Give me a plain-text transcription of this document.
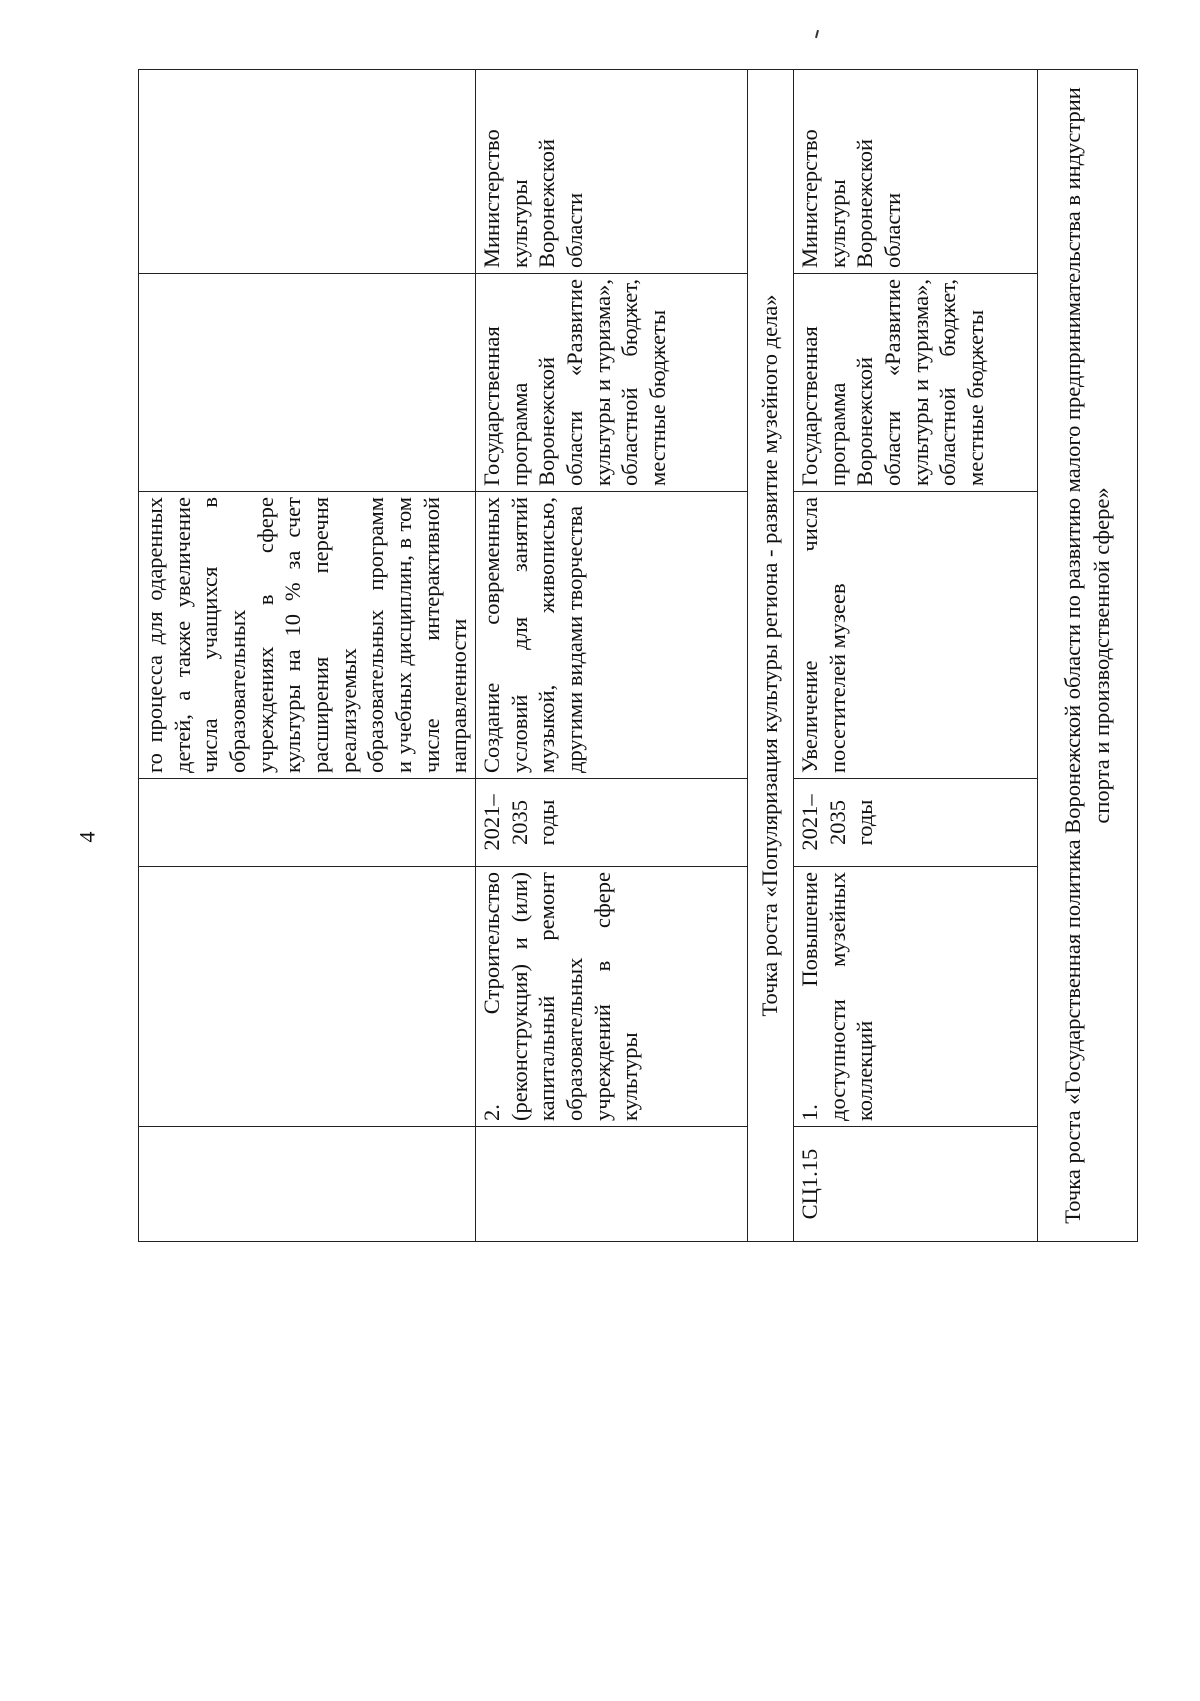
4
			го процесса для одаренных детей, а также увеличение числа учащихся в образовательных учреждениях в сфере культуры на 10 % за счет расширения перечня реализуемых образовательных программ и учебных дисциплин, в том числе интерактивной направленности		
	2. Строительство (реконструкция) и (или) капитальный ремонт образовательных учреждений в сфере культуры	2021–2035 годы	Создание современных условий для занятий музыкой, живописью, другими видами творчества	Государственная программа Воронежской области «Развитие культуры и туризма», областной бюджет, местные бюджеты	Министерство культуры Воронежской области
Точка роста «Популяризация культуры региона - развитие музейного дела»					
СЦ1.15	1. Повышение доступности музейных коллекций	2021–2035 годы	Увеличение числа посетителей музеев	Государственная программа Воронежской области «Развитие культуры и туризма», областной бюджет, местные бюджеты	Министерство культуры Воронежской области
Точка роста «Государственная политика Воронежской области по развитию малого предпринимательства в индустрии спорта и производственной сфере»					
